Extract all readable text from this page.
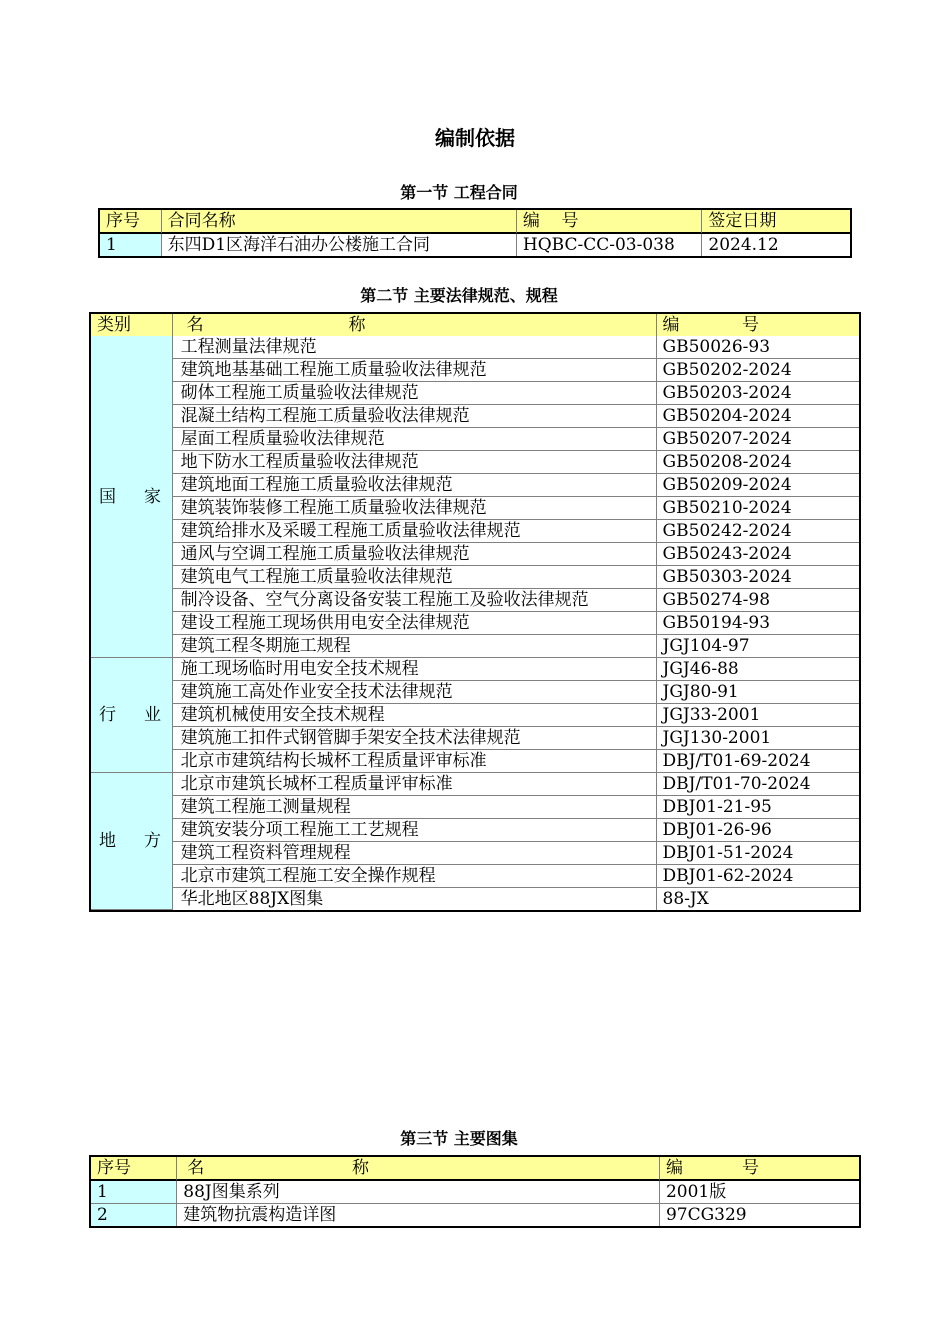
编制依据
第一节 工程合同
序号	合同名称	编    号	签定日期
1	东四D1区海洋石油办公楼施工合同	HQBC-CC-03-038	2024.12
第二节 主要法律规范、规程
类别	名 称	编 号

国 家	工程测量法律规范	GB50026-93
	建筑地基基础工程施工质量验收法律规范	GB50202-2024
	砌体工程施工质量验收法律规范	GB50203-2024
	混凝土结构工程施工质量验收法律规范	GB50204-2024
	屋面工程质量验收法律规范	GB50207-2024
	地下防水工程质量验收法律规范	GB50208-2024
	建筑地面工程施工质量验收法律规范	GB50209-2024
	建筑装饰装修工程施工质量验收法律规范	GB50210-2024
	建筑给排水及采暖工程施工质量验收法律规范	GB50242-2024
	通风与空调工程施工质量验收法律规范	GB50243-2024
	建筑电气工程施工质量验收法律规范	GB50303-2024
	制冷设备、空气分离设备安装工程施工及验收法律规范	GB50274-98
	建设工程施工现场供用电安全法律规范	GB50194-93
	建筑工程冬期施工规程	JGJ104-97
行 业	施工现场临时用电安全技术规程	JGJ46-88
	建筑施工高处作业安全技术法律规范	JGJ80-91
	建筑机械使用安全技术规程	JGJ33-2001
	建筑施工扣件式钢管脚手架安全技术法律规范	JGJ130-2001
	北京市建筑结构长城杯工程质量评审标准	DBJ/T01-69-2024
地 方	北京市建筑长城杯工程质量评审标准	DBJ/T01-70-2024
	建筑工程施工测量规程	DBJ01-21-95
	建筑安装分项工程施工工艺规程	DBJ01-26-96
	建筑工程资料管理规程	DBJ01-51-2024
	北京市建筑工程施工安全操作规程	DBJ01-62-2024
	华北地区88JX图集	88-JX
第三节 主要图集
序号	名 称	编 号

1	88J图集系列	2001版
2	建筑物抗震构造详图	97CG329
